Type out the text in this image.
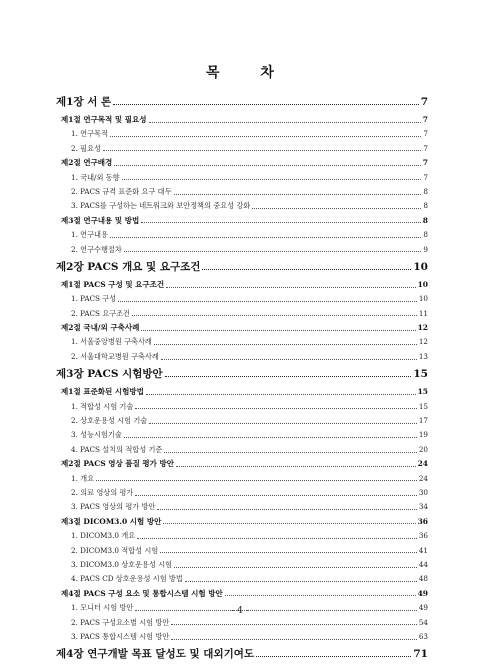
목 차
제1장 서 론	7
제1절 연구목적 및 필요성	7
1. 연구목적	7
2. 필요성	7
제2절 연구배경	7
1. 국내/외 동향	7
2. PACS 규격 표준화 요구 대두	8
3. PACS를 구성하는 네트워크와 보안정책의 중요성 강화	8
제3절 연구내용 및 방법	8
1. 연구내용	8
2. 연구수행절차	9
제2장 PACS 개요 및 요구조건	10
제1절 PACS 구성 및 요구조건	10
1. PACS 구성	10
2. PACS 요구조건	11
제2절 국내/외 구축사례	12
1. 서울중앙병원 구축사례	12
2. 서울대학교병원 구축사례	13
제3장 PACS 시험방안	15
제1절 표준화된 시험방법	15
1. 적합성 시험 기술	15
2. 상호운용성 시험 기술	17
3. 성능시험기술	19
4. PACS 설치의 적합성 기준	20
제2절 PACS 영상 품질 평가 방안	24
1. 개요	24
2. 의료 영상의 평가	30
3. PACS 영상의 평가 방안	34
제3절 DICOM3.0 시험 방안	36
1. DICOM3.0 개요	36
2. DICOM3.0 적합성 시험	41
3. DICOM3.0 상호운용성 시험	44
4. PACS CD 상호운용성 시험 방법	48
제4절 PACS 구성 요소 및 통합시스템 시험 방안	49
1. 모니터 시험 방안	49
2. PACS 구성요소별 시험 방안	54
3. PACS 통합시스템 시험 방안	63
제4장 연구개발 목표 달성도 및 대외기여도	71
- 4 -
